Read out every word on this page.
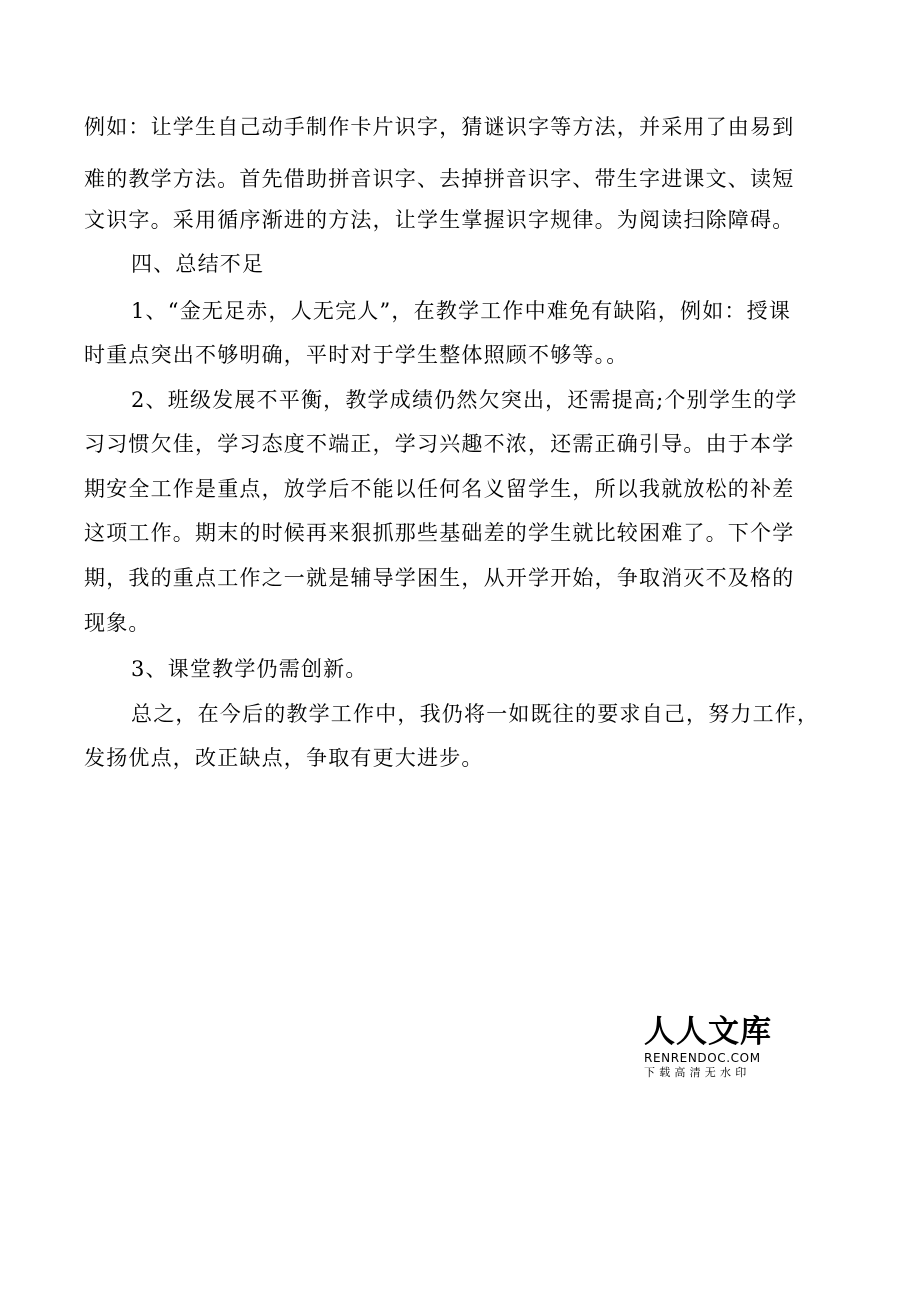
例如：让学生自己动手制作卡片识字，猜谜识字等方法，并采用了由易到
难的教学方法。首先借助拼音识字、去掉拼音识字、带生字进课文、读短
文识字。采用循序渐进的方法，让学生掌握识字规律。为阅读扫除障碍。
四、总结不足
1、“金无足赤，人无完人”，在教学工作中难免有缺陷，例如：授课
时重点突出不够明确，平时对于学生整体照顾不够等。。
2、班级发展不平衡，教学成绩仍然欠突出，还需提高;个别学生的学
习习惯欠佳，学习态度不端正，学习兴趣不浓，还需正确引导。由于本学
期安全工作是重点，放学后不能以任何名义留学生，所以我就放松的补差
这项工作。期末的时候再来狠抓那些基础差的学生就比较困难了。下个学
期，我的重点工作之一就是辅导学困生，从开学开始，争取消灭不及格的
现象。
3、课堂教学仍需创新。
总之，在今后的教学工作中，我仍将一如既往的要求自己，努力工作，
发扬优点，改正缺点，争取有更大进步。
人人文库
RENRENDOC.COM
下载高清无水印
